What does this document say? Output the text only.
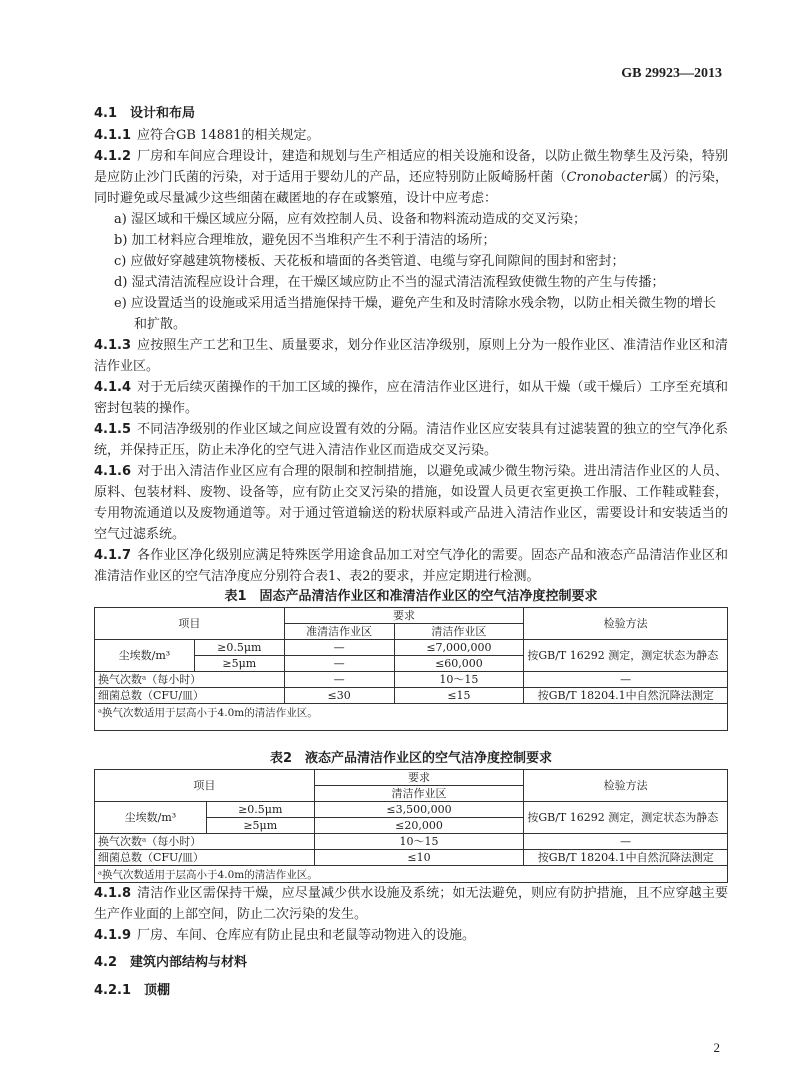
GB 29923—2013
4.1　设计和布局

4.1.1 应符合GB 14881的相关规定。

4.1.2 厂房和车间应合理设计，建造和规划与生产相适应的相关设施和设备，以防止微生物孳生及污染，特别是应防止沙门氏菌的污染，对于适用于婴幼儿的产品，还应特别防止阪崎肠杆菌（Cronobacter属）的污染，同时避免或尽量减少这些细菌在藏匿地的存在或繁殖，设计中应考虑：

a) 湿区域和干燥区域应分隔，应有效控制人员、设备和物料流动造成的交叉污染；

b) 加工材料应合理堆放，避免因不当堆积产生不利于清洁的场所；

c) 应做好穿越建筑物楼板、天花板和墙面的各类管道、电缆与穿孔间隙间的围封和密封；

d) 湿式清洁流程应设计合理，在干燥区域应防止不当的湿式清洁流程致使微生物的产生与传播；

e) 应设置适当的设施或采用适当措施保持干燥，避免产生和及时清除水残余物，以防止相关微生物的增长和扩散。

4.1.3 应按照生产工艺和卫生、质量要求，划分作业区洁净级别，原则上分为一般作业区、准清洁作业区和清洁作业区。

4.1.4 对于无后续灭菌操作的干加工区域的操作，应在清洁作业区进行，如从干燥（或干燥后）工序至充填和密封包装的操作。

4.1.5 不同洁净级别的作业区域之间应设置有效的分隔。清洁作业区应安装具有过滤装置的独立的空气净化系统，并保持正压，防止未净化的空气进入清洁作业区而造成交叉污染。

4.1.6 对于出入清洁作业区应有合理的限制和控制措施，以避免或减少微生物污染。进出清洁作业区的人员、原料、包装材料、废物、设备等，应有防止交叉污染的措施，如设置人员更衣室更换工作服、工作鞋或鞋套，专用物流通道以及废物通道等。对于通过管道输送的粉状原料或产品进入清洁作业区，需要设计和安装适当的空气过滤系统。

4.1.7 各作业区净化级别应满足特殊医学用途食品加工对空气净化的需要。固态产品和液态产品清洁作业区和准清洁作业区的空气洁净度应分别符合表1、表2的要求，并应定期进行检测。

表1　固态产品清洁作业区和准清洁作业区的空气洁净度控制要求
项目		要求		检验方法
		准清洁作业区	清洁作业区	
尘埃数/m³	≥0.5μm	—	≤7,000,000	按GB/T 16292 测定，测定状态为静态
	≥5μm	—	≤60,000	
换气次数ᵃ（每小时）		—	10～15	—
细菌总数（CFU/皿）		≤30	≤15	按GB/T 18204.1中自然沉降法测定
ᵃ换气次数适用于层高小于4.0m的清洁作业区。				
表2　液态产品清洁作业区的空气洁净度控制要求
项目		要求	检验方法
		清洁作业区	
尘埃数/m³	≥0.5μm	≤3,500,000	按GB/T 16292 测定，测定状态为静态
	≥5μm	≤20,000	
换气次数ᵃ（每小时）		10～15	—
细菌总数（CFU/皿）		≤10	按GB/T 18204.1中自然沉降法测定
ᵃ换气次数适用于层高小于4.0m的清洁作业区。			

4.1.8 清洁作业区需保持干燥，应尽量减少供水设施及系统；如无法避免，则应有防护措施，且不应穿越主要生产作业面的上部空间，防止二次污染的发生。

4.1.9 厂房、车间、仓库应有防止昆虫和老鼠等动物进入的设施。

4.2　建筑内部结构与材料
4.2.1　顶棚
2
